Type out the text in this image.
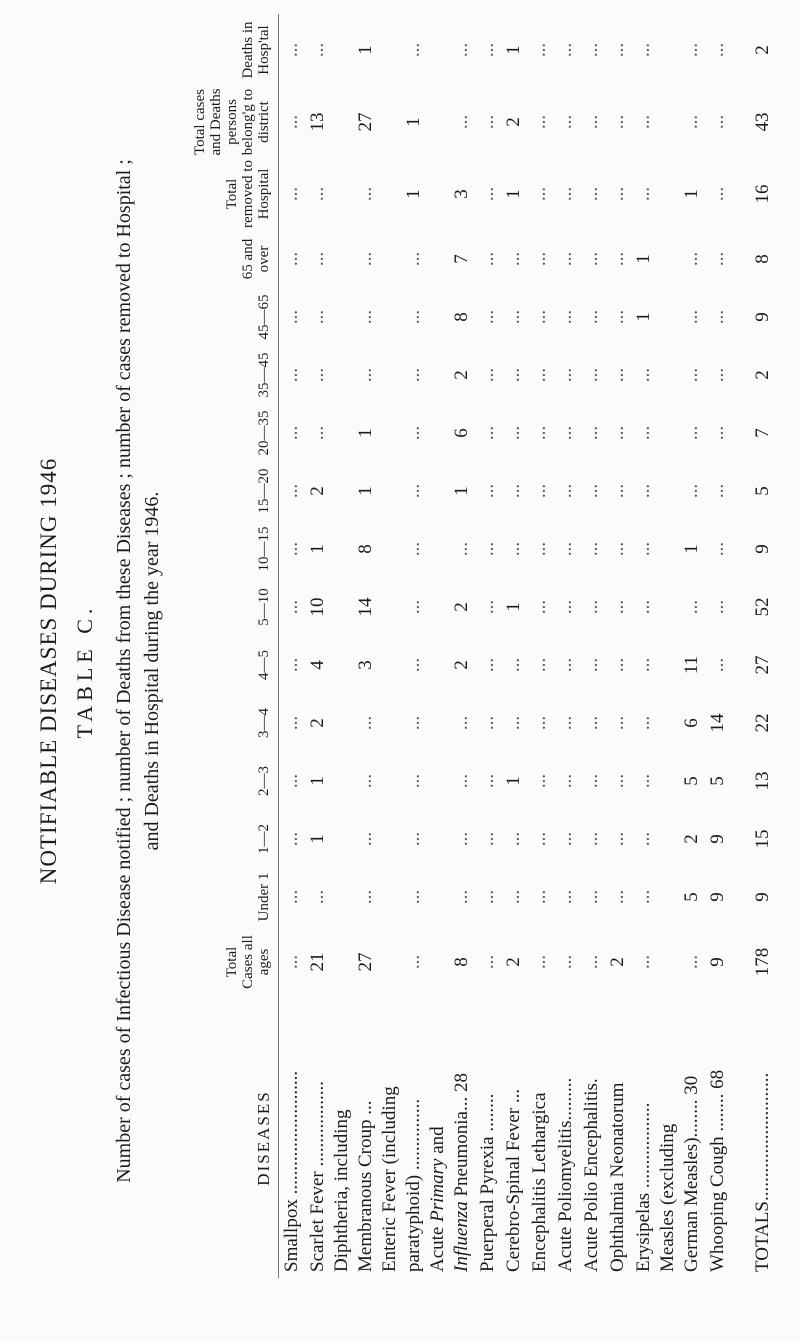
NOTIFIABLE DISEASES DURING 1946 TABLE C. Number of cases of Infectious Disease notified ; number of Deaths from these Diseases ; number of cases removed to Hospital ; and Deaths in Hospital during the year 1946.
DISEASES	Total Cases all ages	Under 1	1—2	2—3	3—4	4—5	5—10	10—15	15—20	20—35	35—45	45—65	65 and over	Total removed to Hospital	Total cases and Deaths persons belong'g to district	Deaths in Hosp'tal
Smallpox ..........................	...	...	...	...	...	...	...	...	...	...	...	...	...	...	...	...
Scarlet Fever ..................	21	...	1	1	2	4	10	1	2	...	...	...	...	...	13	...
Diphtheria, including																
Membranous Croup ...	27	...	...	...	...	3	14	8	1	1	...	...	...	...	27	1
Enteric Fever (including																
paratyphoid) ...............	...	...	...	...	...	...	...	...	...	...	...	...	...	1	1	...
Acute Primary and																
Influenza Pneumonia... 28	8	...	...	...	...	2	2	...	1	6	2	8	7	3	...	...
Puerperal Pyrexia ........	...	...	...	...	...	...	...	...	...	...	...	...	...	...	...	...
Cerebro-Spinal Fever ...	2	...	...	1	...	...	1	...	...	...	...	...	...	1	2	1
Encephalitis Lethargica	...	...	...	...	...	...	...	...	...	...	...	...	...	...	...	...
Acute Poliomyelitis.........	...	...	...	...	...	...	...	...	...	...	...	...	...	...	...	...
Acute Polio Encephalitis.	...	...	...	...	...	...	...	...	...	...	...	...	...	...	...	...
Ophthalmia Neonatorum	2	...	...	...	...	...	...	...	...	...	...	...	...	...	...	...
Erysipelas ..................	...	...	...	...	...	...	...	...	...	...	...	1	1	...	...	...
Measles (excluding																
German Measles)........ 30	...	5	2	5	6	11	...	1	...	...	...	...	...	1	...	...
Whooping Cough ........ 68	9	9	9	5	14	...	...	...	...	...	...	...	...	...	...	...
TOTALS...........................	178	9	15	13	22	27	52	9	5	7	2	9	8	16	43	2
